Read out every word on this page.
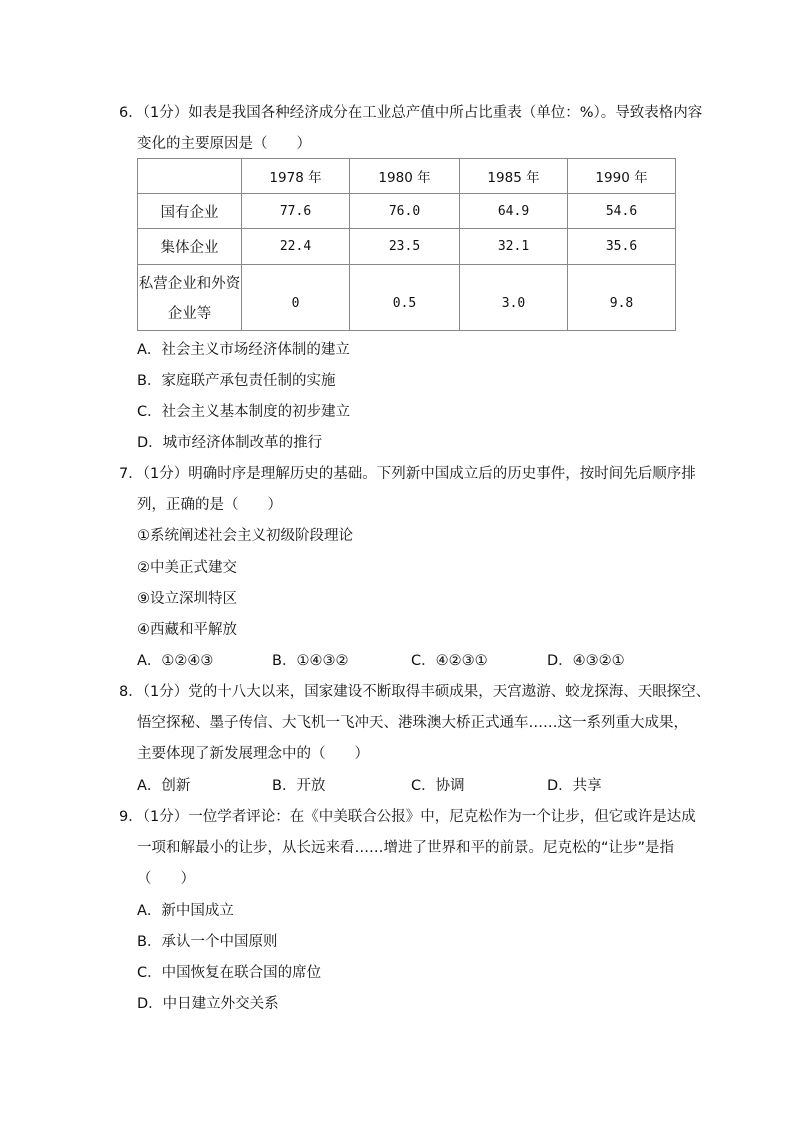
6．（1分）如表是我国各种经济成分在工业总产值中所占比重表（单位：%）。导致表格内容
变化的主要原因是（　　）
	1978 年	1980 年	1985 年	1990 年
国有企业	77.6	76.0	64.9	54.6
集体企业	22.4	23.5	32.1	35.6

私营企业和外资
企业等	0	0.5	3.0	9.8
A．社会主义市场经济体制的建立
B．家庭联产承包责任制的实施
C．社会主义基本制度的初步建立
D．城市经济体制改革的推行
7．（1分）明确时序是理解历史的基础。下列新中国成立后的历史事件，按时间先后顺序排
列，正确的是（　　）
①系统阐述社会主义初级阶段理论
②中美正式建交
⑨设立深圳特区
④西藏和平解放
A．①②④③	B．①④③②	C．④②③①	D．④③②①
8．（1分）党的十八大以来，国家建设不断取得丰硕成果，天宫遨游、蛟龙探海、天眼探空、
悟空探秘、墨子传信、大飞机一飞冲天、港珠澳大桥正式通车……这一系列重大成果，
主要体现了新发展理念中的（　　）
A．创新	B．开放	C．协调	D．共享
9．（1分）一位学者评论：在《中美联合公报》中，尼克松作为一个让步，但它或许是达成
一项和解最小的让步，从长远来看……增进了世界和平的前景。尼克松的“让步”是指
（　　）
A．新中国成立
B．承认一个中国原则
C．中国恢复在联合国的席位
D．中日建立外交关系
